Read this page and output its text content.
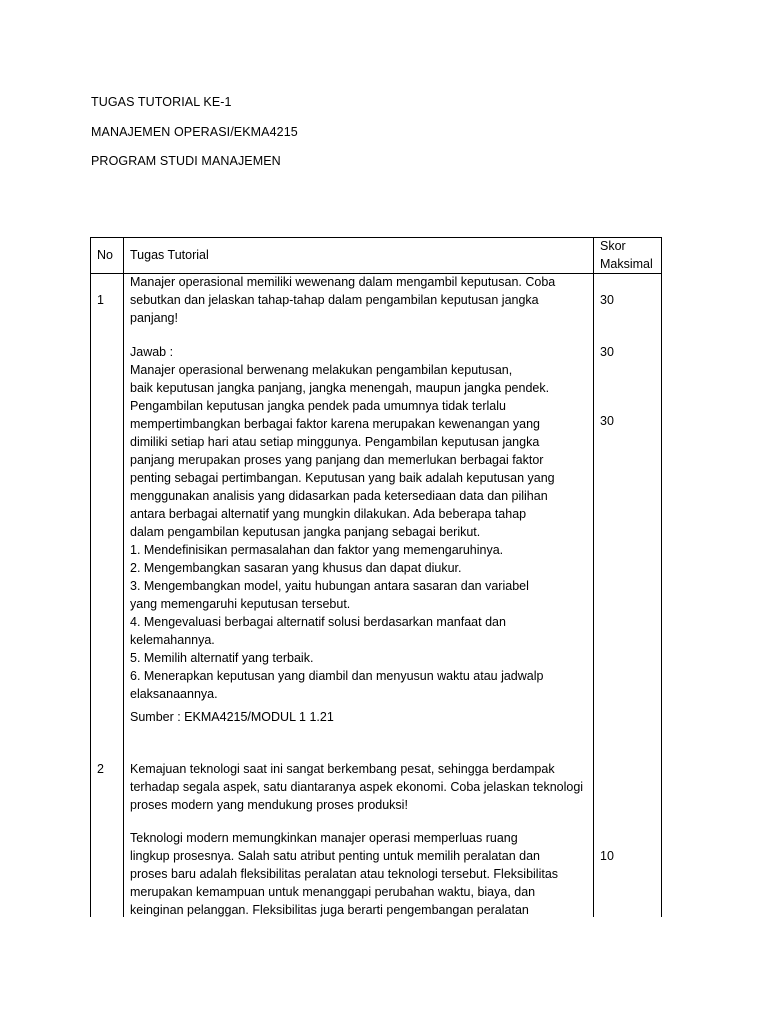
TUGAS TUTORIAL KE-1
MANAJEMEN OPERASI/EKMA4215
PROGRAM STUDI MANAJEMEN
No Tugas Tutorial
Skor
Maksimal
1
Manajer operasional memiliki wewenang dalam mengambil keputusan. Coba
sebutkan dan jelaskan tahap-tahap dalam pengambilan keputusan jangka
panjang!
Jawab :
Manajer operasional berwenang melakukan pengambilan keputusan,
baik keputusan jangka panjang, jangka menengah, maupun jangka pendek.
Pengambilan keputusan jangka pendek pada umumnya tidak terlalu
mempertimbangkan berbagai faktor karena merupakan kewenangan yang
dimiliki setiap hari atau setiap minggunya. Pengambilan keputusan jangka
panjang merupakan proses yang panjang dan memerlukan berbagai faktor
penting sebagai pertimbangan. Keputusan yang baik adalah keputusan yang
menggunakan analisis yang didasarkan pada ketersediaan data dan pilihan
antara berbagai alternatif yang mungkin dilakukan. Ada beberapa tahap
dalam pengambilan keputusan jangka panjang sebagai berikut.
1. Mendefinisikan permasalahan dan faktor yang memengaruhinya.
2. Mengembangkan sasaran yang khusus dan dapat diukur.
3. Mengembangkan model, yaitu hubungan antara sasaran dan variabel
yang memengaruhi keputusan tersebut.
4. Mengevaluasi berbagai alternatif solusi berdasarkan manfaat dan
kelemahannya.
5. Memilih alternatif yang terbaik.
6. Menerapkan keputusan yang diambil dan menyusun waktu atau jadwalp
elaksanaannya.
Sumber : EKMA4215/MODUL 1 1.21
30
30
30
2 Kemajuan teknologi saat ini sangat berkembang pesat, sehingga berdampak
terhadap segala aspek, satu diantaranya aspek ekonomi. Coba jelaskan teknologi
proses modern yang mendukung proses produksi!
Teknologi modern memungkinkan manajer operasi memperluas ruang
lingkup prosesnya. Salah satu atribut penting untuk memilih peralatan dan
proses baru adalah fleksibilitas peralatan atau teknologi tersebut. Fleksibilitas
merupakan kemampuan untuk menanggapi perubahan waktu, biaya, dan
keinginan pelanggan. Fleksibilitas juga berarti pengembangan peralatan
10
